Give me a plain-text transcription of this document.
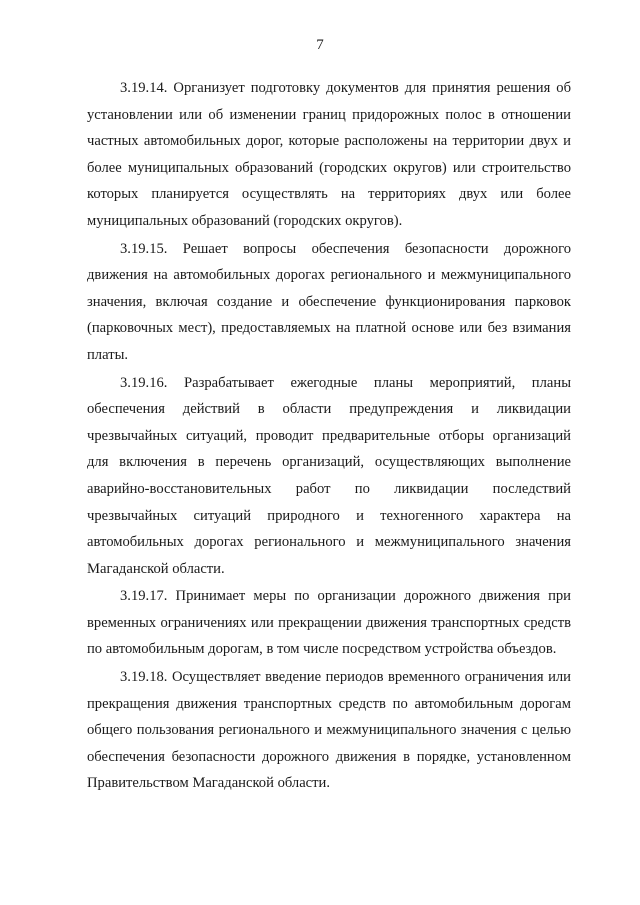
7

3.19.14. Организует подготовку документов для принятия решения об установлении или об изменении границ придорожных полос в отношении частных автомобильных дорог, которые расположены на территории двух и более муниципальных образований (городских округов) или строительство которых планируется осуществлять на территориях двух или более муниципальных образований (городских округов).

3.19.15. Решает вопросы обеспечения безопасности дорожного движения на автомобильных дорогах регионального и межмуниципального значения, включая создание и обеспечение функционирования парковок (парковочных мест), предоставляемых на платной основе или без взимания платы.

3.19.16. Разрабатывает ежегодные планы мероприятий, планы обеспечения действий в области предупреждения и ликвидации чрезвычайных ситуаций, проводит предварительные отборы организаций для включения в перечень организаций, осуществляющих выполнение аварийно-восстановительных работ по ликвидации последствий чрезвычайных ситуаций природного и техногенного характера на автомобильных дорогах регионального и межмуниципального значения Магаданской области.

3.19.17. Принимает меры по организации дорожного движения при временных ограничениях или прекращении движения транспортных средств по автомобильным дорогам, в том числе посредством устройства объездов.

3.19.18. Осуществляет введение периодов временного ограничения или прекращения движения транспортных средств по автомобильным дорогам общего пользования регионального и межмуниципального значения с целью обеспечения безопасности дорожного движения в порядке, установленном Правительством Магаданской области.
